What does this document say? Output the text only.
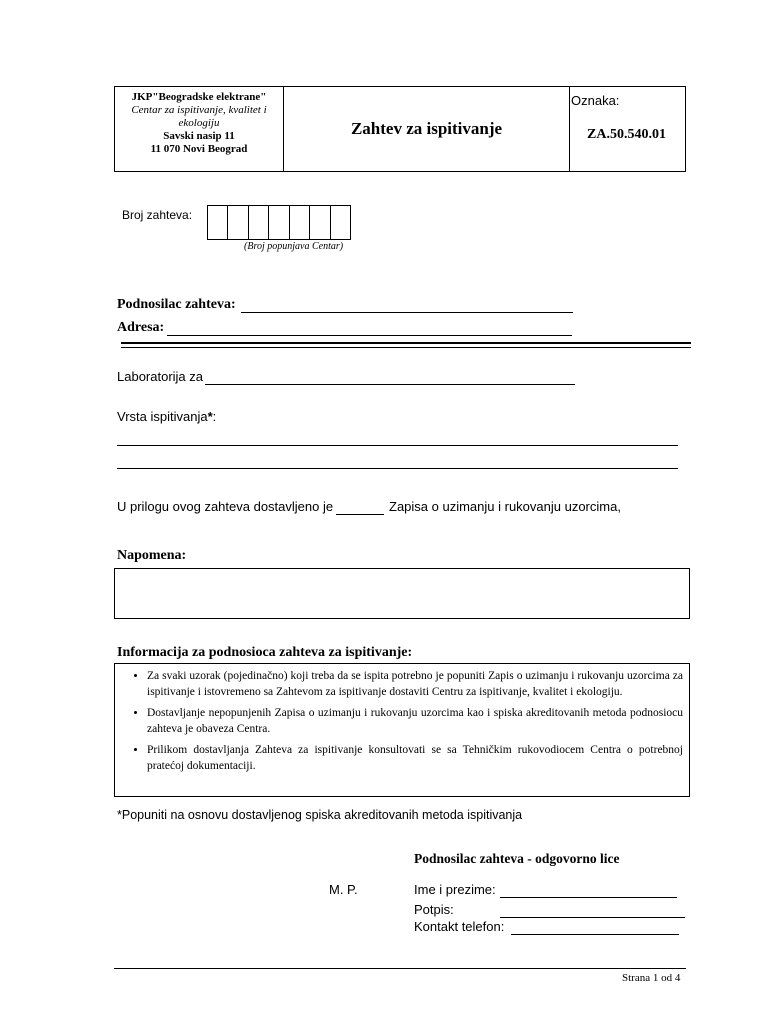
JKP"Beogradske elektrane"
Centar za ispitivanje, kvalitet i ekologiju
Savski nasip 11
11 070 Novi Beograd
Zahtev za ispitivanje
Oznaka:
ZA.50.540.01
Broj zahteva:
(Broj popunjava Centar)
Podnosilac zahteva:
Adresa:
Laboratorija za
Vrsta ispitivanja*:
U prilogu ovog zahteva dostavljeno je	Zapisa o uzimanju i rukovanju uzorcima,
Napomena:
Informacija za podnosioca zahteva za ispitivanje:
• Za svaki uzorak (pojedinačno) koji treba da se ispita potrebno je popuniti Zapis o uzimanju i rukovanju uzorcima za ispitivanje i istovremeno sa Zahtevom za ispitivanje dostaviti Centru za ispitivanje, kvalitet i ekologiju.
• Dostavljanje nepopunjenih Zapisa o uzimanju i rukovanju uzorcima kao i spiska akreditovanih metoda podnosiocu zahteva je obaveza Centra.
• Prilikom dostavljanja Zahteva za ispitivanje konsultovati se sa Tehničkim rukovodiocem Centra o potrebnoj pratećoj dokumentaciji.
*Popuniti na osnovu dostavljenog spiska akreditovanih metoda ispitivanja
Podnosilac zahteva - odgovorno lice
M. P.	Ime i prezime:
Potpis:
Kontakt telefon:
Strana 1 od 4
